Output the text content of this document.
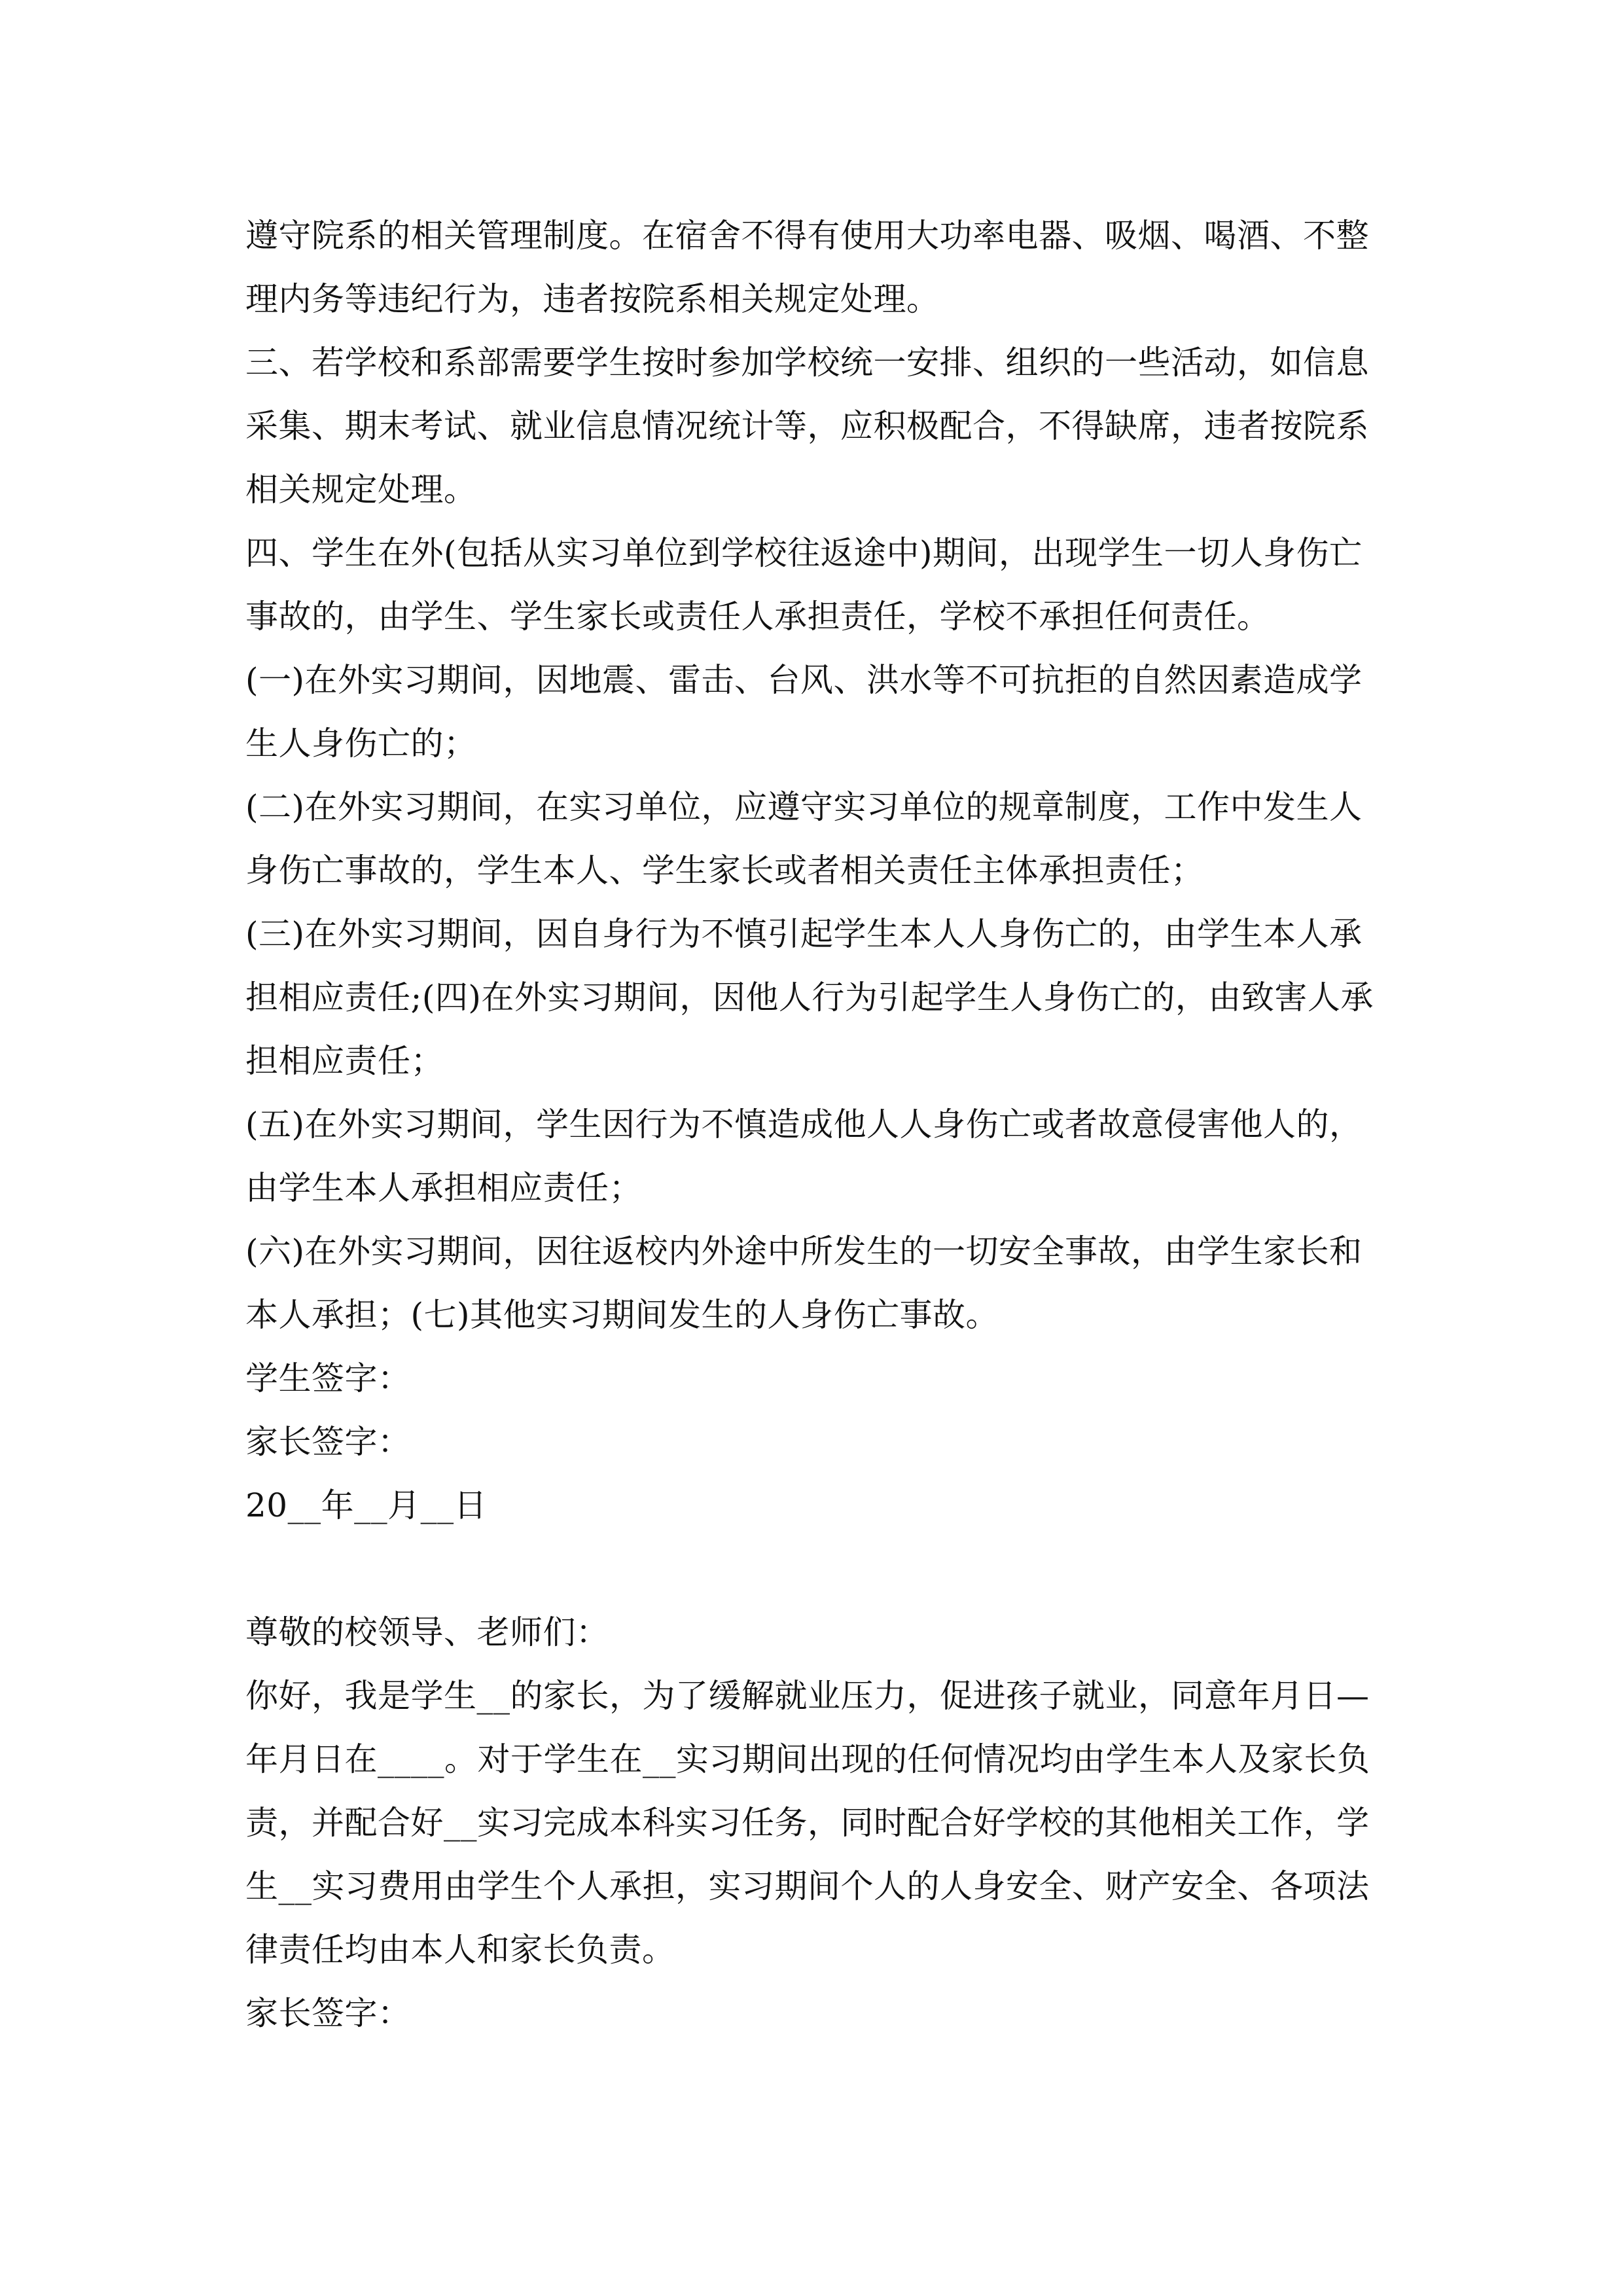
遵守院系的相关管理制度。在宿舍不得有使用大功率电器、吸烟、喝酒、不整理内务等违纪行为，违者按院系相关规定处理。

三、若学校和系部需要学生按时参加学校统一安排、组织的一些活动，如信息采集、期末考试、就业信息情况统计等，应积极配合，不得缺席，违者按院系相关规定处理。

四、学生在外(包括从实习单位到学校往返途中)期间，出现学生一切人身伤亡事故的，由学生、学生家长或责任人承担责任，学校不承担任何责任。

(一)在外实习期间，因地震、雷击、台风、洪水等不可抗拒的自然因素造成学生人身伤亡的；

(二)在外实习期间，在实习单位，应遵守实习单位的规章制度，工作中发生人身伤亡事故的，学生本人、学生家长或者相关责任主体承担责任；

(三)在外实习期间，因自身行为不慎引起学生本人人身伤亡的，由学生本人承担相应责任;(四)在外实习期间，因他人行为引起学生人身伤亡的，由致害人承担相应责任；

(五)在外实习期间，学生因行为不慎造成他人人身伤亡或者故意侵害他人的，由学生本人承担相应责任；

(六)在外实习期间，因往返校内外途中所发生的一切安全事故，由学生家长和本人承担；(七)其他实习期间发生的人身伤亡事故。

学生签字：

家长签字：

20__年__月__日

尊敬的校领导、老师们：

你好，我是学生__的家长，为了缓解就业压力，促进孩子就业，同意年月日—年月日在____。对于学生在__实习期间出现的任何情况均由学生本人及家长负责，并配合好__实习完成本科实习任务，同时配合好学校的其他相关工作，学生__实习费用由学生个人承担，实习期间个人的人身安全、财产安全、各项法律责任均由本人和家长负责。

家长签字：
